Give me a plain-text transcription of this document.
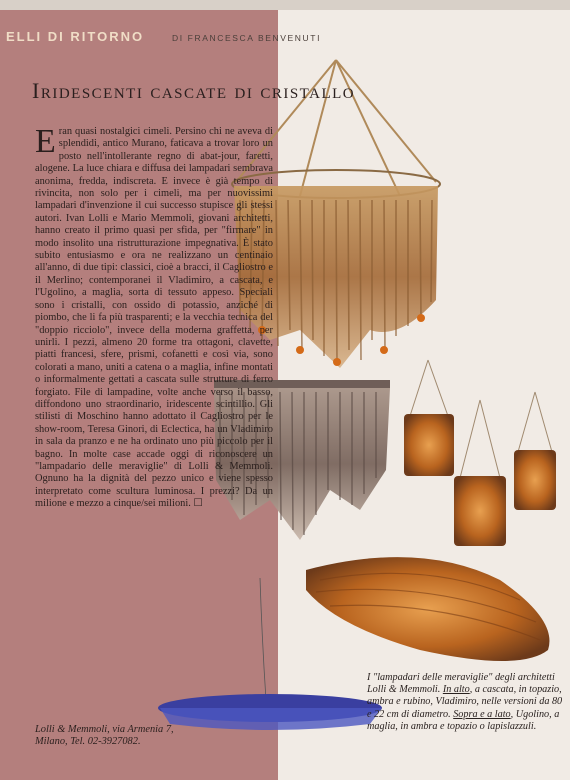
ELLI DI RITORNO	DI FRANCESCA BENVENUTI
Iridescenti cascate di cristallo
E ran quasi nostalgici cimeli. Persino chi ne aveva di splendidi, antico Murano, faticava a trovar loro un posto nell'intollerante regno di abat-jour, faretti, alogene. La luce chiara e diffusa dei lampadari sembrava anonima, fredda, indiscreta. E invece è già tempo di rivincita, non solo per i cimeli, ma per nuovissimi lampadari d'invenzione il cui successo stupisce gli stessi autori. Ivan Lolli e Mario Memmoli, giovani architetti, hanno creato il primo quasi per sfida, per "firmare" in modo insolito una ristrutturazione impegnativa. È stato subito entusiasmo e ora ne realizzano un centinaio all'anno, di due tipi: classici, cioè a bracci, il Cagliostro e il Merlino; contemporanei il Vladimiro, a cascata, e l'Ugolino, a maglia, sorta di tessuto appeso. Speciali sono i cristalli, con ossido di potassio, anziché di piombo, che li fa più trasparenti; e la vecchia tecnica del "doppio ricciolo", invece della moderna graffetta, per unirli. I pezzi, almeno 20 forme tra ottagoni, clavette, piatti francesi, sfere, prismi, cofanetti e così via, sono colorati a mano, uniti a catena o a maglia, infine montati o informalmente gettati a cascata sulle strutture di ferro forgiato. File di lampadine, volte anche verso il basso, diffondono uno straordinario, iridescente scintillio. Gli stilisti di Moschino hanno adottato il Cagliostro per le show-room, Teresa Ginori, di Eclectica, ha un Vladimiro in sala da pranzo e ne ha ordinato uno più piccolo per il bagno. In molte case accade oggi di riconoscere un "lampadario delle meraviglie" di Lolli & Memmoli. Ognuno ha la dignità del pezzo unico e viene spesso interpretato come scultura luminosa. I prezzi? Da un milione e mezzo a cinque/sei milioni. ☐
Lolli & Memmoli, via Armenia 7, Milano, Tel. 02-3927082.
I "lampadari delle meraviglie" degli architetti Lolli & Memmoli. In alto, a cascata, in topazio, ambra e rubino, Vladimiro, nelle versioni da 80 e 22 cm di diametro. Sopra e a lato, Ugolino, a maglia, in ambra e topazio o lapislazzuli.
